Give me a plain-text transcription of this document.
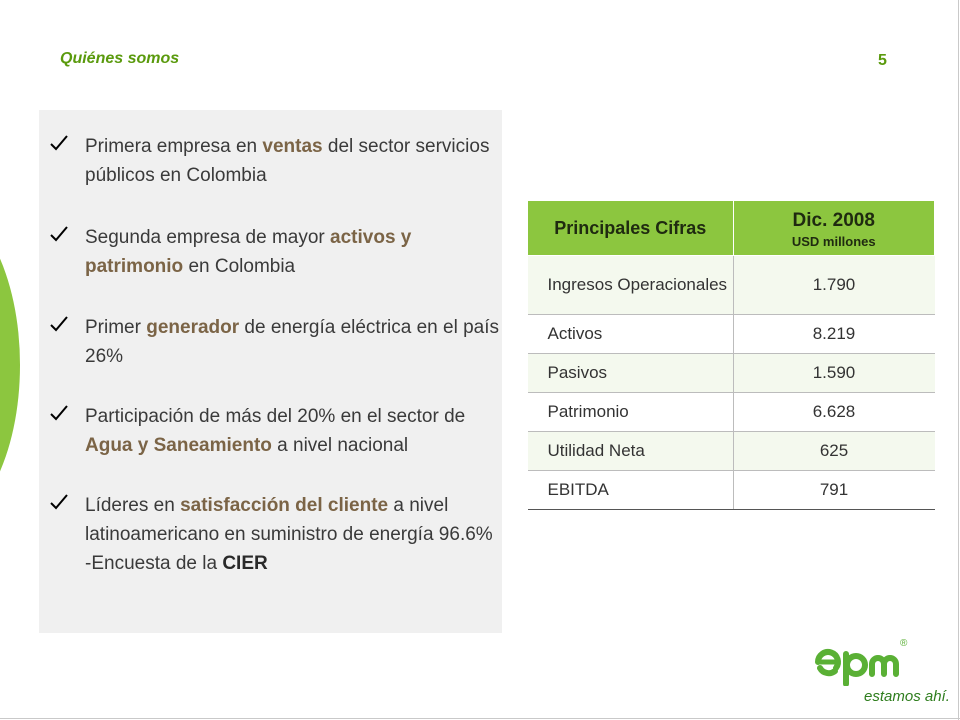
Quiénes somos	5
Primera empresa en ventas del sector servicios públicos en Colombia
Segunda empresa de mayor activos y patrimonio en Colombia
Primer generador de energía eléctrica en el país 26%
Participación de más del 20% en el sector de Agua y Saneamiento a nivel nacional
Líderes en satisfacción del cliente a nivel latinoamericano en suministro de energía 96.6% -Encuesta de la CIER
Principales Cifras	Dic. 2008
USD millones

Ingresos Operacionales	1.790
Activos	8.219
Pasivos	1.590
Patrimonio	6.628
Utilidad Neta	625
EBITDA	791
®
estamos ahí.
